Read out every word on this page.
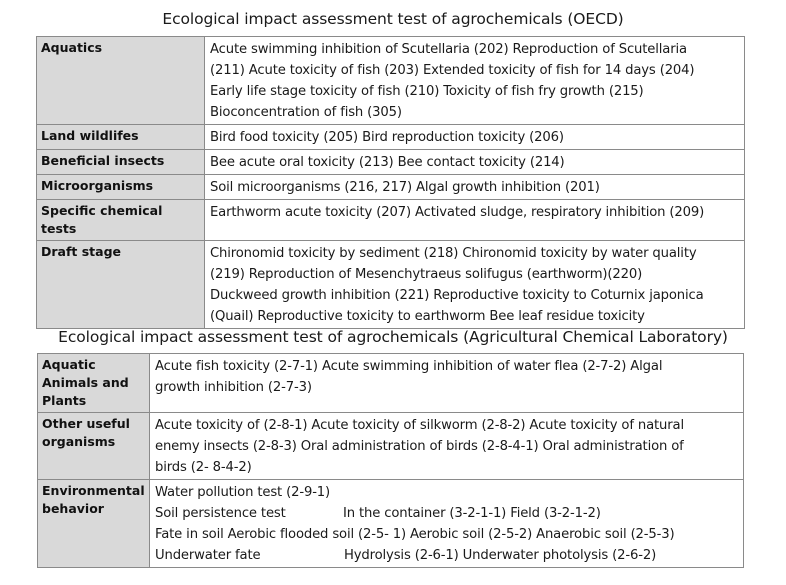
Ecological impact assessment test of agrochemicals (OECD)
Aquatics	Acute swimming inhibition of Scutellaria (202) Reproduction of Scutellaria
(211) Acute toxicity of fish (203) Extended toxicity of fish for 14 days (204)
Early life stage toxicity of fish (210) Toxicity of fish fry growth (215)
Bioconcentration of fish (305)

Land wildlifes	Bird food toxicity (205) Bird reproduction toxicity (206)

Beneficial insects	Bee acute oral toxicity (213) Bee contact toxicity (214)

Microorganisms	Soil microorganisms (216, 217) Algal growth inhibition (201)

Specific chemical tests	Earthworm acute toxicity (207) Activated sludge, respiratory inhibition (209)

Draft stage	Chironomid toxicity by sediment (218) Chironomid toxicity by water quality
(219) Reproduction of Mesenchytraeus solifugus (earthworm)(220)
Duckweed growth inhibition (221) Reproductive toxicity to Coturnix japonica
(Quail) Reproductive toxicity to earthworm Bee leaf residue toxicity
Ecological impact assessment test of agrochemicals (Agricultural Chemical Laboratory)
Aquatic Animals and Plants	Acute fish toxicity (2-7-1) Acute swimming inhibition of water flea (2-7-2) Algal
growth inhibition (2-7-3)

Other useful organisms	Acute toxicity of (2-8-1) Acute toxicity of silkworm (2-8-2) Acute toxicity of natural
enemy insects (2-8-3) Oral administration of birds (2-8-4-1) Oral administration of
birds (2- 8-4-2)

Environmental behavior	Water pollution test (2-9-1)
Soil persistence test In the container (3-2-1-1) Field (3-2-1-2)
Fate in soil Aerobic flooded soil (2-5- 1) Aerobic soil (2-5-2) Anaerobic soil (2-5-3)
Underwater fate Hydrolysis (2-6-1) Underwater photolysis (2-6-2)
